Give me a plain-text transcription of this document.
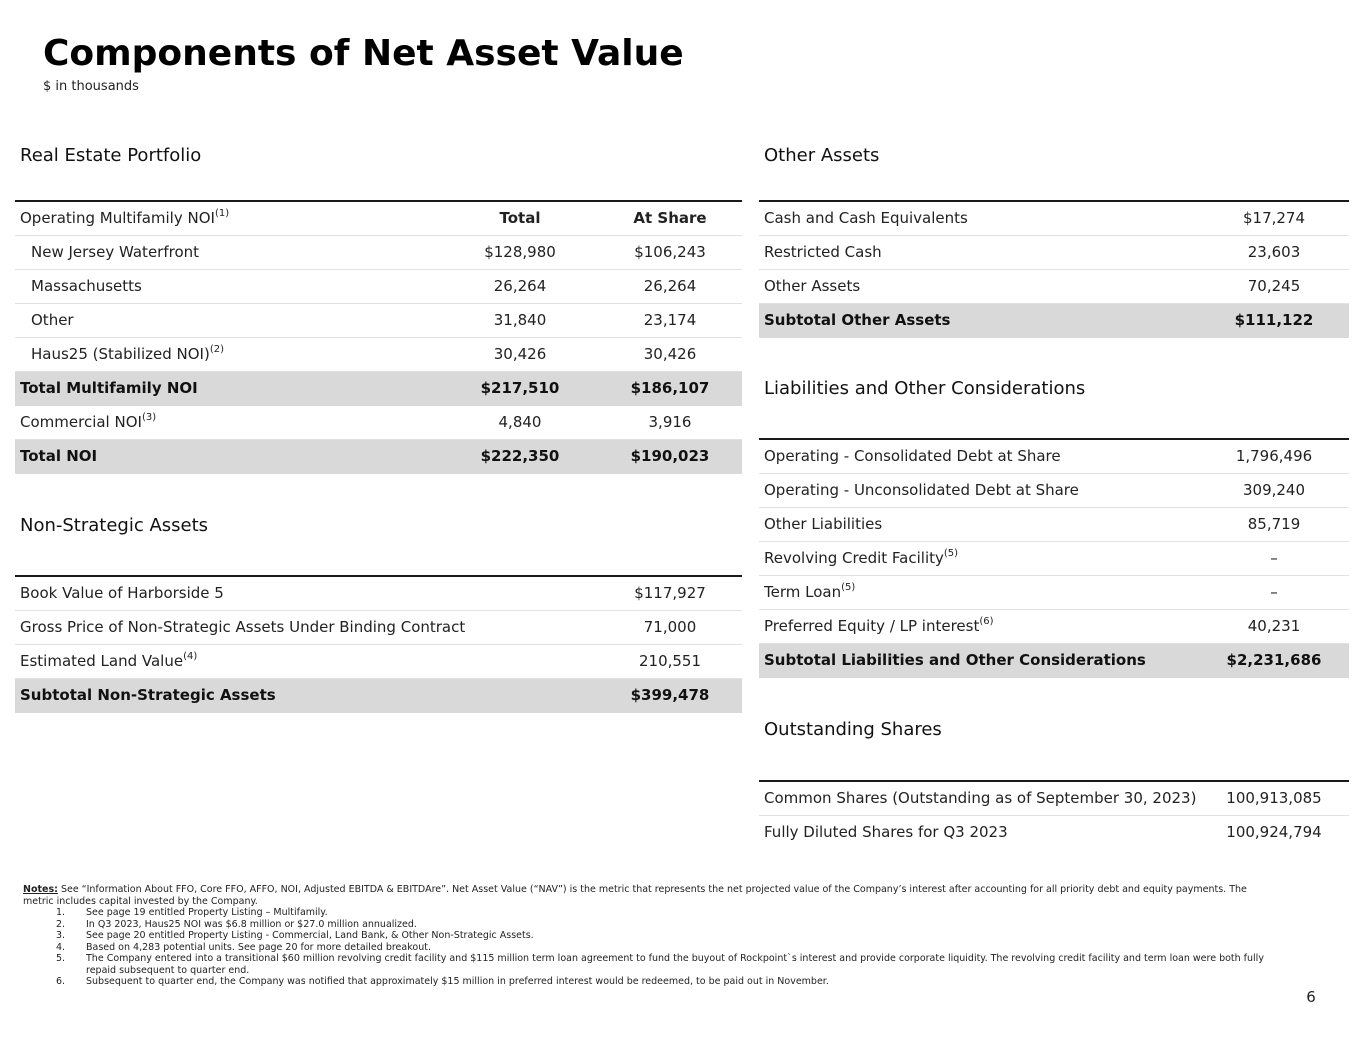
Components of Net Asset Value
$ in thousands
Real Estate Portfolio
Operating Multifamily NOI$^{(1)}$	Total	At Share
New Jersey Waterfront	$128,980	$106,243
Massachusetts	26,264	26,264
Other	31,840	23,174
Haus25 (Stabilized NOI)$^{(2)}$	30,426	30,426
Total Multifamily NOI	$217,510	$186,107
Commercial NOI$^{(3)}$	4,840	3,916
Total NOI	$222,350	$190,023
Non-Strategic Assets
Book Value of Harborside 5	$117,927
Gross Price of Non-Strategic Assets Under Binding Contract	71,000
Estimated Land Value$^{(4)}$	210,551
Subtotal Non-Strategic Assets	$399,478
Other Assets
Cash and Cash Equivalents	$17,274
Restricted Cash	23,603
Other Assets	70,245
Subtotal Other Assets	$111,122
Liabilities and Other Considerations
Operating - Consolidated Debt at Share	1,796,496
Operating - Unconsolidated Debt at Share	309,240
Other Liabilities	85,719
Revolving Credit Facility$^{(5)}$	–
Term Loan$^{(5)}$	–
Preferred Equity / LP interest$^{(6)}$	40,231
Subtotal Liabilities and Other Considerations	$2,231,686
Outstanding Shares
Common Shares (Outstanding as of September 30, 2023)	100,913,085
Fully Diluted Shares for Q3 2023	100,924,794
Notes: See “Information About FFO, Core FFO, AFFO, NOI, Adjusted EBITDA & EBITDAre”. Net Asset Value (“NAV”) is the metric that represents the net projected value of the Company’s interest after accounting for all priority debt and equity payments. The metric includes capital invested by the Company.
1. See page 19 entitled Property Listing – Multifamily.
2. In Q3 2023, Haus25 NOI was $6.8 million or $27.0 million annualized.
3. See page 20 entitled Property Listing - Commercial, Land Bank, & Other Non-Strategic Assets.
4. Based on 4,283 potential units. See page 20 for more detailed breakout.
5. The Company entered into a transitional $60 million revolving credit facility and $115 million term loan agreement to fund the buyout of Rockpoint`s interest and provide corporate liquidity. The revolving credit facility and term loan were both fully repaid subsequent to quarter end.
6. Subsequent to quarter end, the Company was notified that approximately $15 million in preferred interest would be redeemed, to be paid out in November.
6
